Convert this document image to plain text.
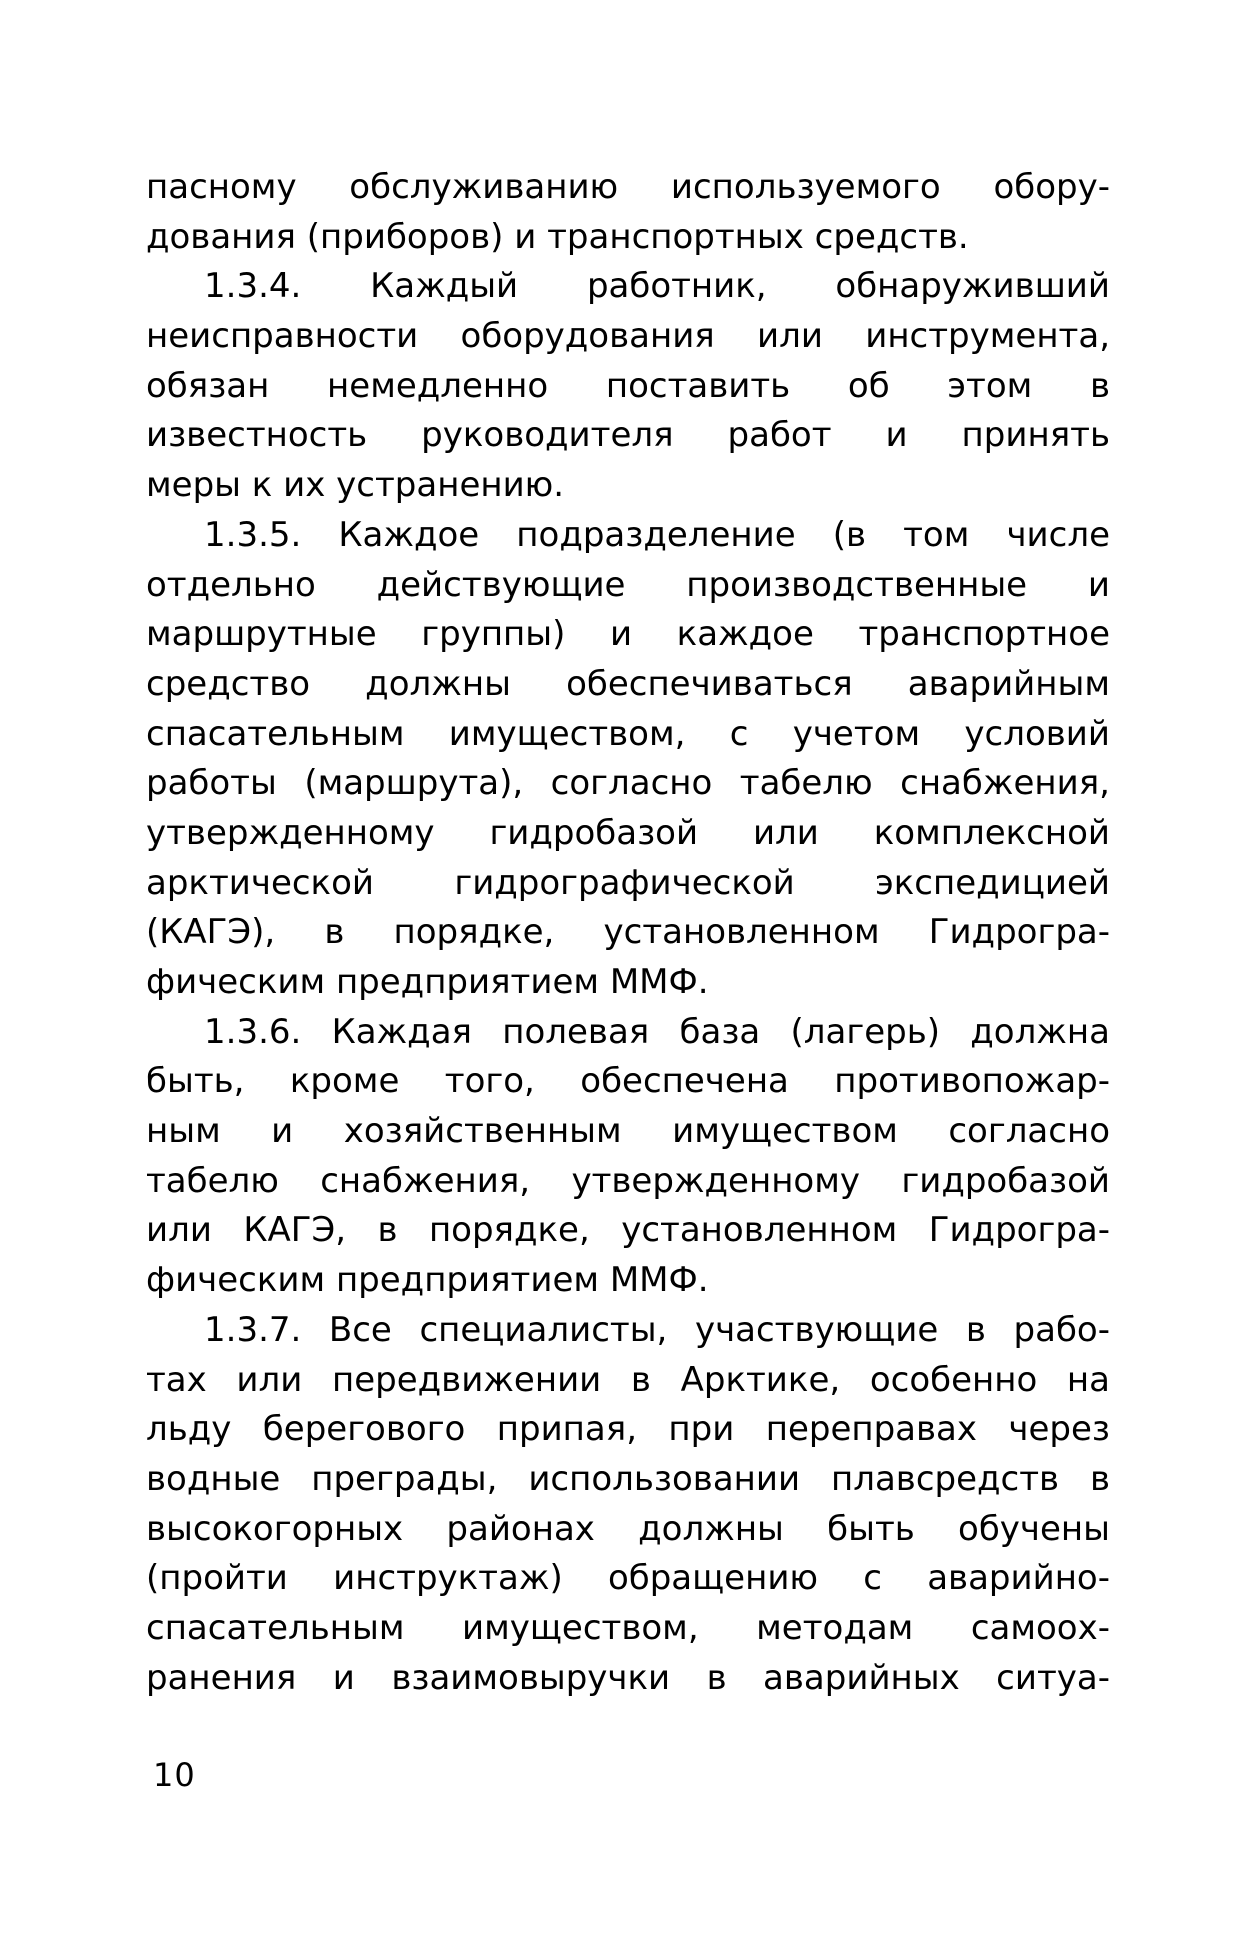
пасному обслуживанию используемого обору-
дования (приборов) и транспортных средств.
1.3.4. Каждый работник, обнаруживший
неисправности оборудования или инструмента,
обязан немедленно поставить об этом в
известность руководителя работ и принять
меры к их устранению.
1.3.5. Каждое подразделение (в том числе
отдельно действующие производственные и
маршрутные группы) и каждое транспортное
средство должны обеспечиваться аварийным
спасательным имуществом, с учетом условий
работы (маршрута), согласно табелю снабжения,
утвержденному гидробазой или комплексной
арктической гидрографической экспедицией
(КАГЭ), в порядке, установленном Гидрогра-
фическим предприятием ММФ.
1.3.6. Каждая полевая база (лагерь) должна
быть, кроме того, обеспечена противопожар-
ным и хозяйственным имуществом согласно
табелю снабжения, утвержденному гидробазой
или КАГЭ, в порядке, установленном Гидрогра-
фическим предприятием ММФ.
1.3.7. Все специалисты, участвующие в рабо-
тах или передвижении в Арктике, особенно на
льду берегового припая, при переправах через
водные преграды, использовании плавсредств в
высокогорных районах должны быть обучены
(пройти инструктаж) обращению с аварийно-
спасательным имуществом, методам самоох-
ранения и взаимовыручки в аварийных ситуа-
10
